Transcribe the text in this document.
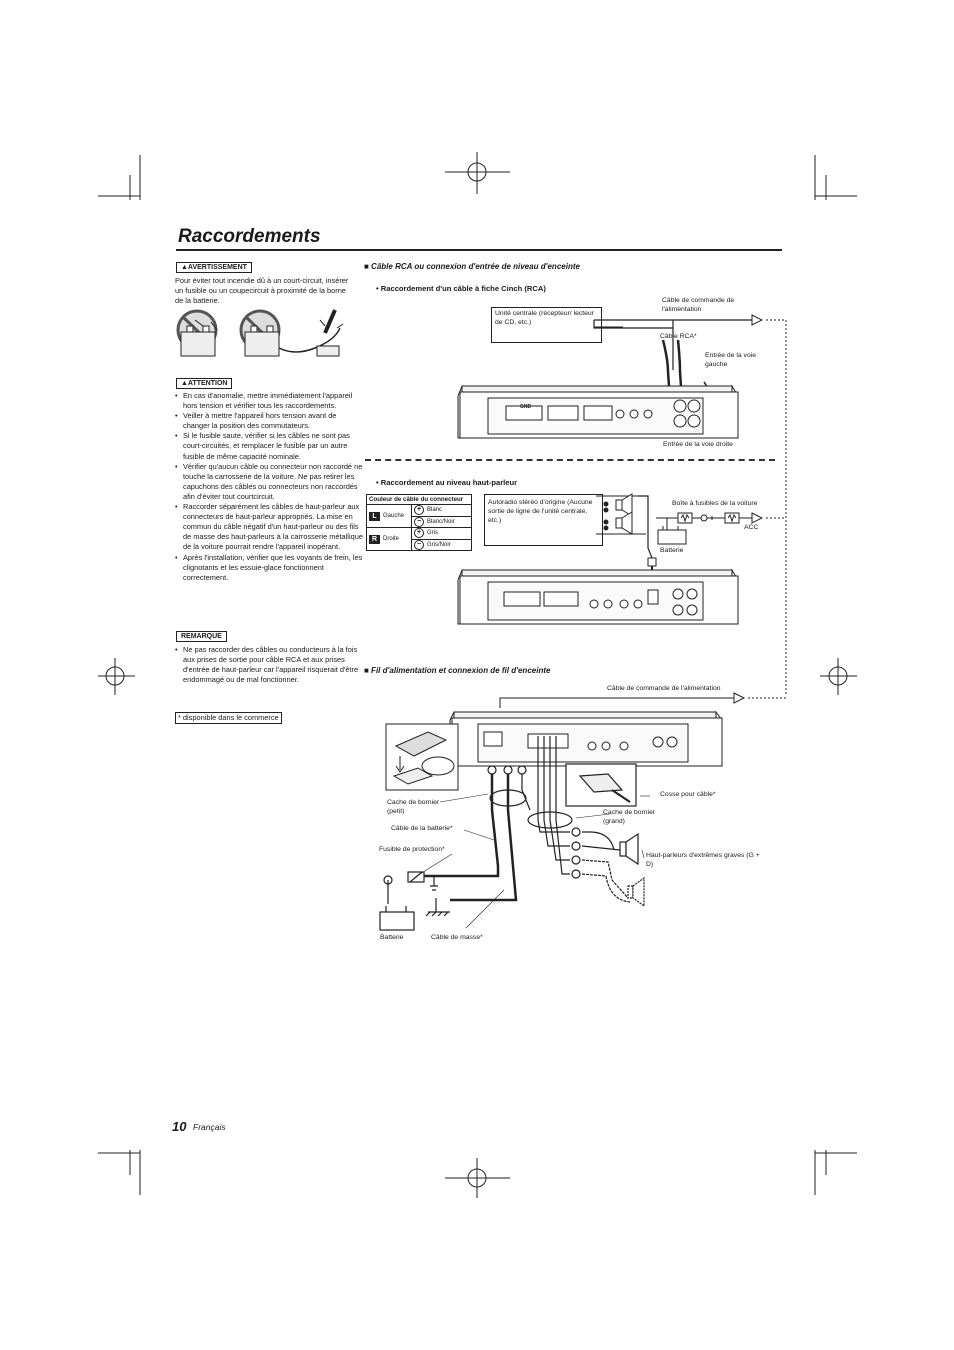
Raccordements
▲AVERTISSEMENT
Pour éviter tout incendie dû à un court-circuit, insérer un fusible ou un coupecircuit à proximité de la borne de la batterie.
▲ATTENTION
• En cas d'anomalie, mettre immédiatement l'appareil hors tension et vérifier tous les raccordements.
• Veiller à mettre l'appareil hors tension avant de changer la position des commutateurs.
• Si le fusible saute, vérifier si les câbles ne sont pas court-circuités, et remplacer le fusible par un autre fusible de même capacité nominale.
• Vérifier qu'aucun câble ou connecteur non raccordé ne touche la carrosserie de la voiture. Ne pas retirer les capuchons des câbles ou connecteurs non raccordés afin d'éviter tout courtcircuit.
• Raccorder séparément les câbles de haut-parleur aux connecteurs de haut-parleur appropriés. La mise en commun du câble négatif d'un haut-parleur ou des fils de masse des haut-parleurs à la carrosserie métallique de la voiture pourrait rendre l'appareil inopérant.
• Après l'installation, vérifier que les voyants de frein, les clignotants et les essuie-glace fonctionnent correctement.
REMARQUE
• Ne pas raccorder des câbles ou conducteurs à la fois aux prises de sortie pour câble RCA et aux prises d'entrée de haut-parleur car l'appareil risquerait d'être endommagé ou de mal fonctionner.
* disponible dans le commerce
■ Câble RCA ou connexion d'entrée de niveau d'enceinte
• Raccordement d'un câble à fiche Cinch (RCA)
Unité centrale (récepteur/ lecteur de CD, etc.)
Câble de commande de l'alimentation
Câble RCA*
Entrée de la voie gauche
Entrée de la voie droite
GND
• Raccordement au niveau haut-parleur
Couleur de câble du connecteur
L	Gauche
+ Blanc
− Blanc/Noir
R Droite
+ Gris
− Gris/Noir
Autoradio stéréo d'origine (Aucune sortie de ligne de l'unité centrale, etc.)
Boîte à fusibles de la voiture
ACC
Batterie
■ Fil d'alimentation et connexion de fil d'enceinte
Câble de commande de l'alimentation
Cache de bornier (petit)
Câble de la batterie*
Fusible de protection*
Batterie	Câble de masse*
Cosse pour câble*
Cache de bornier (grand)
Haut-parleurs d'extrêmes graves (G + D)
10 Français
